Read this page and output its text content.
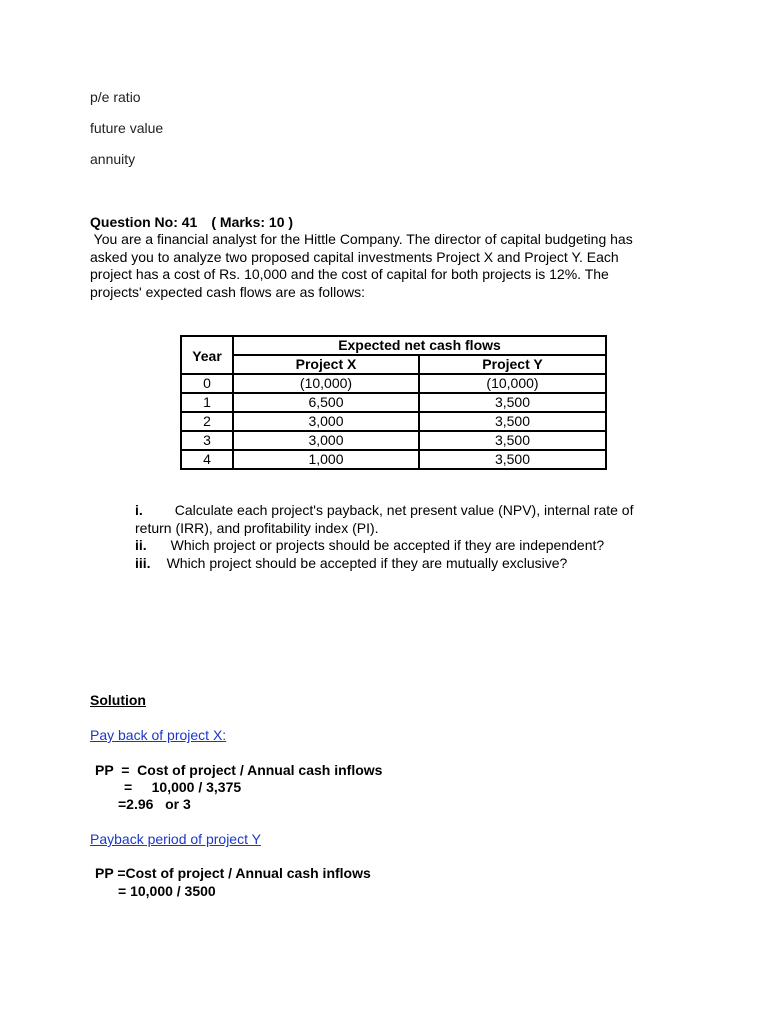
p/e ratio
future value
annuity
Question No: 41 ( Marks: 10 )
You are a financial analyst for the Hittle Company. The director of capital budgeting has
asked you to analyze two proposed capital investments Project X and Project Y. Each
project has a cost of Rs. 10,000 and the cost of capital for both projects is 12%. The
projects' expected cash flows are as follows:
	Expected net cash flows	
Year	Project X	Project Y
0	(10,000)	(10,000)
1	6,500	3,500
2	3,000	3,500
3	3,000	3,500
4	1,000	3,500
i. Calculate each project's payback, net present value (NPV), internal rate of
return (IRR), and profitability index (PI).
ii. Which project or projects should be accepted if they are independent?
iii. Which project should be accepted if they are mutually exclusive?
Solution
Pay back of project X:
PP  =  Cost of project / Annual cash inflows
=     10,000 / 3,375
=2.96   or 3
Payback period of project Y
PP =Cost of project / Annual cash inflows
= 10,000 / 3500
